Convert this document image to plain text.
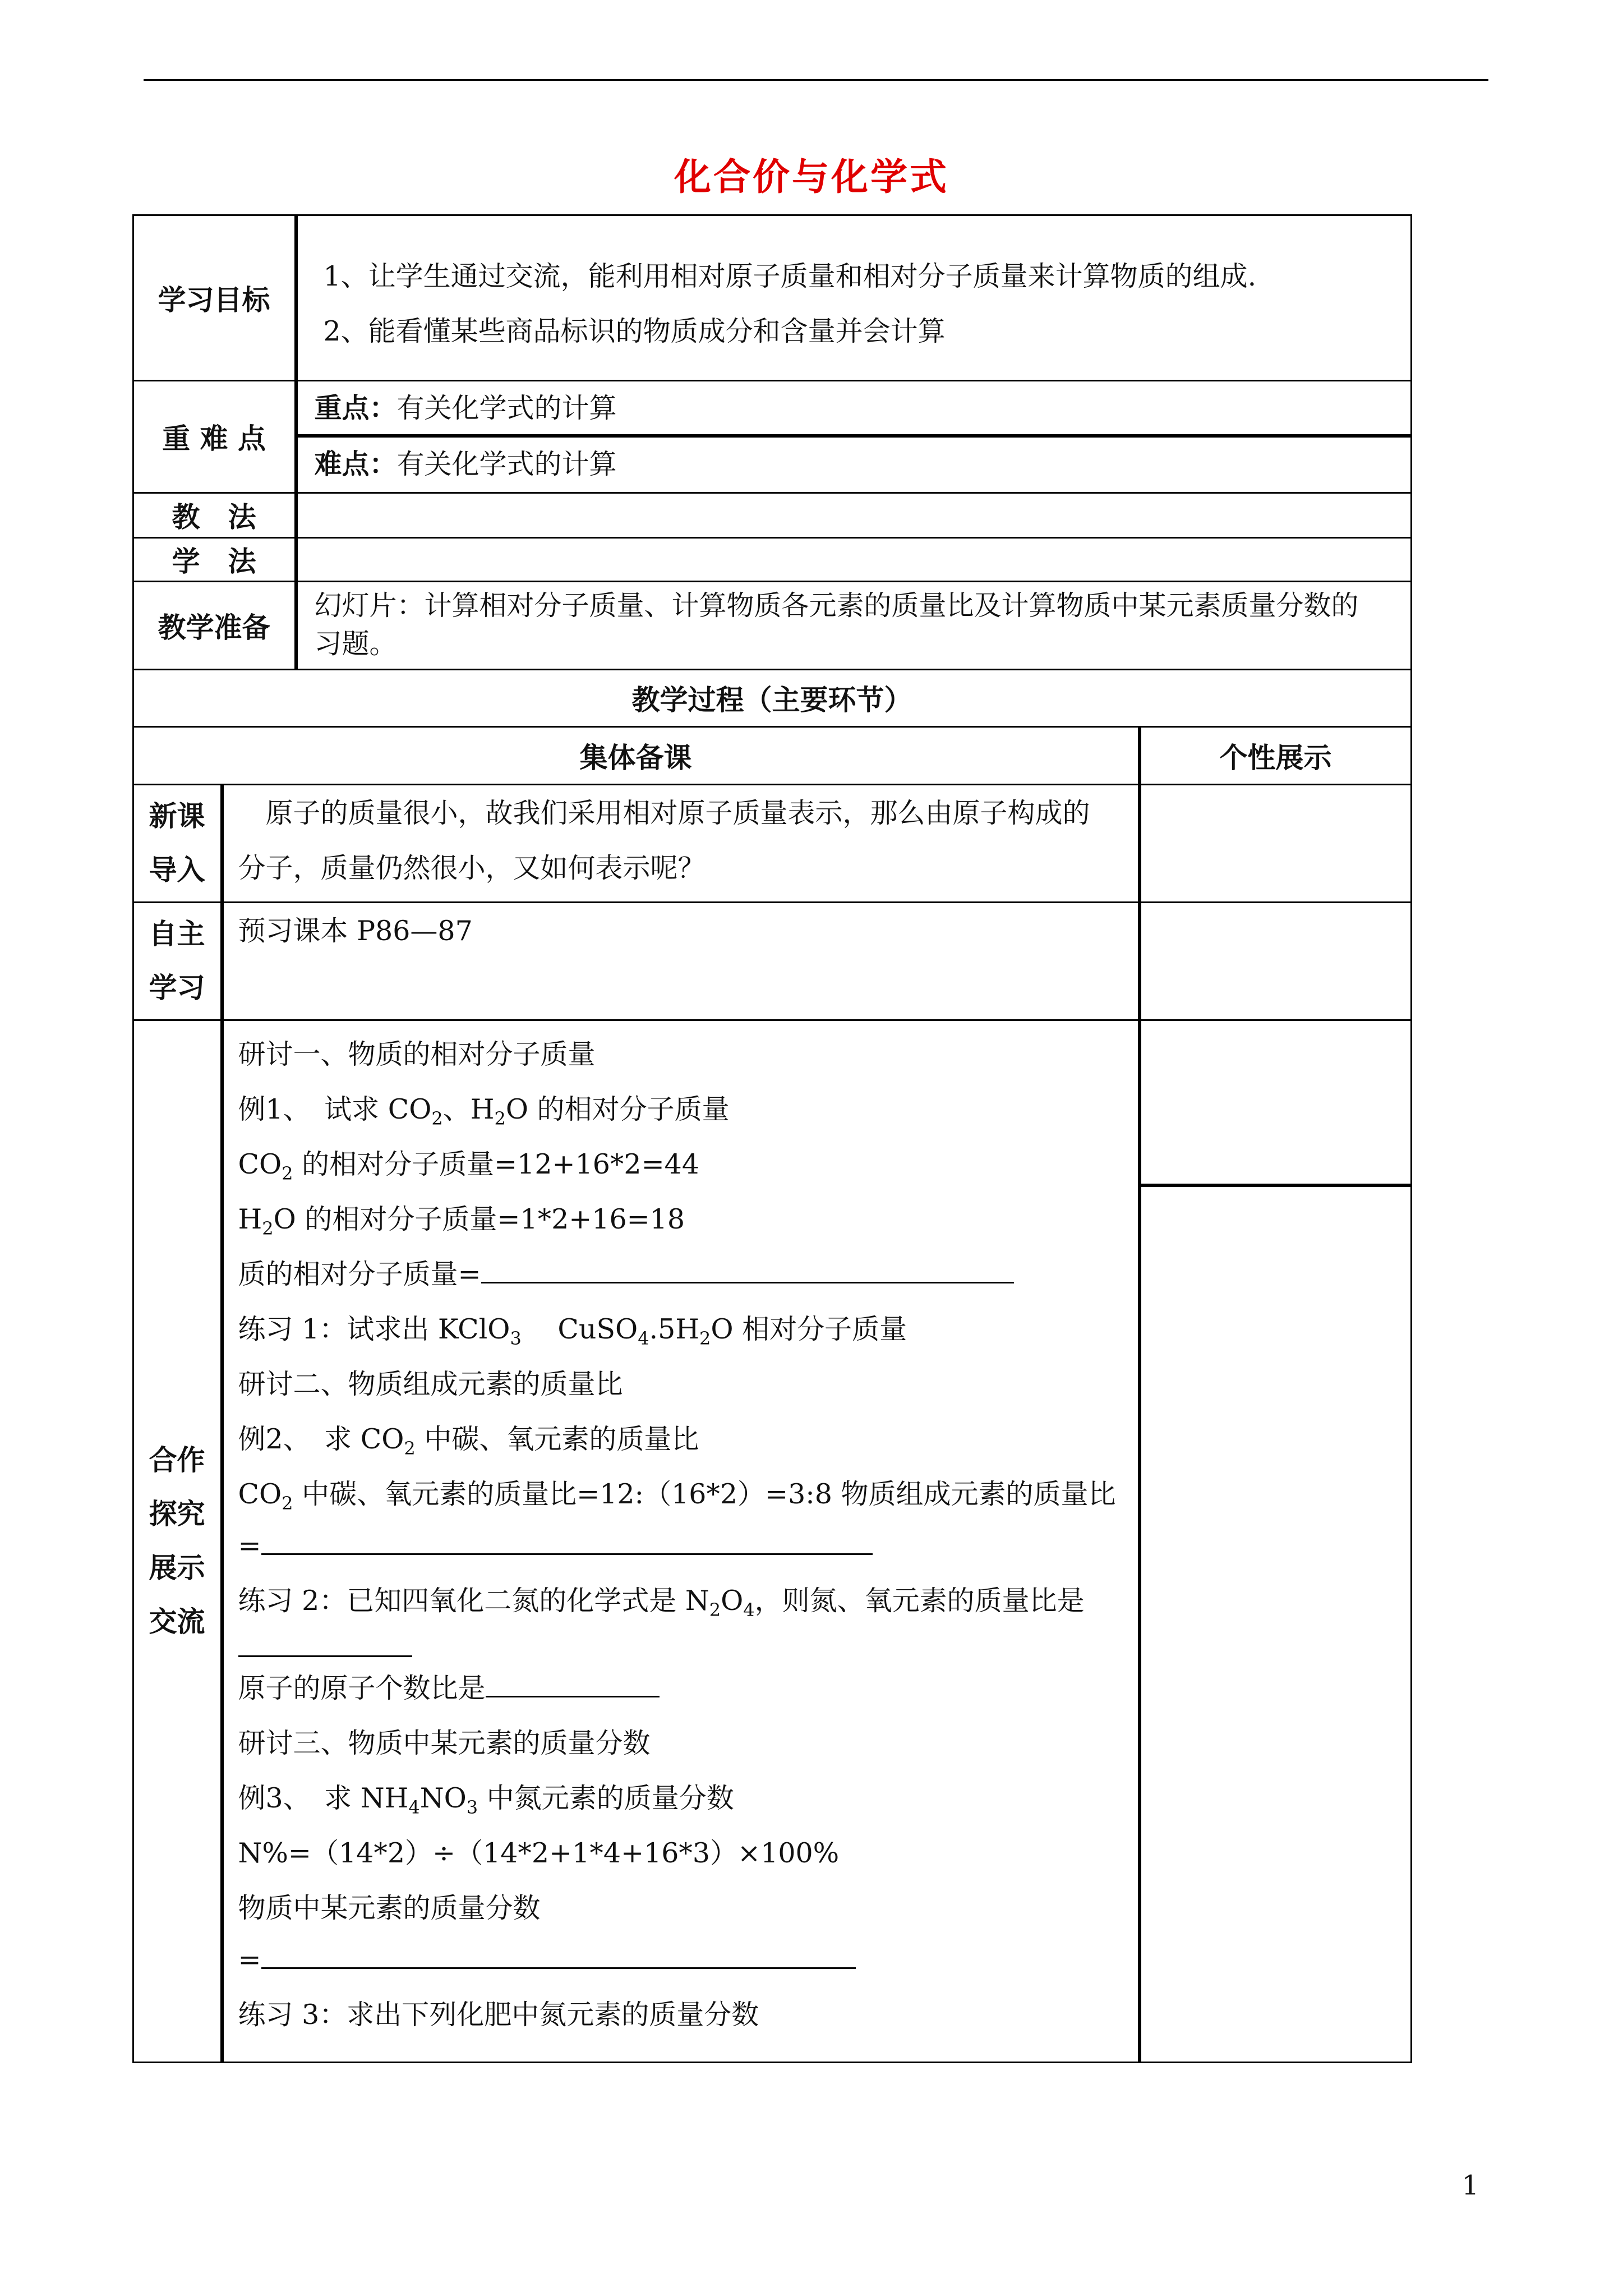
化合价与化学式
学习目标
1、让学生通过交流，能利用相对原子质量和相对分子质量来计算物质的组成.
2、能看懂某些商品标识的物质成分和含量并会计算
重 难 点
重点：有关化学式的计算
难点：有关化学式的计算
教　法
学　法
教学准备
幻灯片：计算相对分子质量、计算物质各元素的质量比及计算物质中某元素质量分数的
习题。
教学过程（主要环节）
集体备课	个性展示
新课
导入
　原子的质量很小，故我们采用相对原子质量表示，那么由原子构成的
分子，质量仍然很小，又如何表示呢？
自主
学习
预习课本 P86—87
合作
探究
展示
交流
研讨一、物质的相对分子质量
例1、　试求 $CO_2$、$H_2O$ 的相对分子质量
$CO_2$ 的相对分子质量=12+16*2=44
$H_2O$ 的相对分子质量=1*2+16=18
质的相对分子质量=
练习 1：试求出 KClO$_3$　 $CuSO_4.5H_2O$ 相对分子质量
研讨二、物质组成元素的质量比
例2、　求 $CO_2$ 中碳、氧元素的质量比
$CO_2$ 中碳、氧元素的质量比=12:（16*2）=3:8 物质组成元素的质量比
=
练习 2：已知四氧化二氮的化学式是 $N_2O_4$，则氮、氧元素的质量比是
原子的原子个数比是
研讨三、物质中某元素的质量分数
例3、　求 $NH_4NO_3$ 中氮元素的质量分数
N%=（14*2）÷（14*2+1*4+16*3）×100%
物质中某元素的质量分数
=
练习 3：求出下列化肥中氮元素的质量分数
1
